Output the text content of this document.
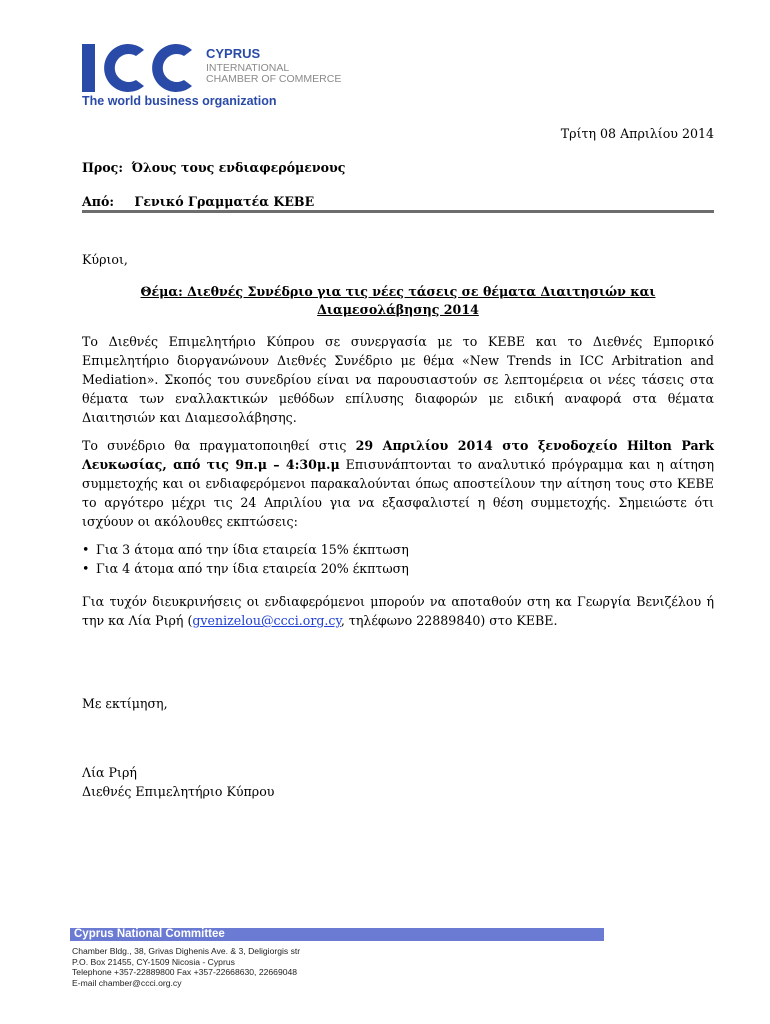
CYPRUS
INTERNATIONAL
CHAMBER OF COMMERCE
The world business organization
Τρίτη 08 Απριλίου 2014
Προς: Όλους τους ενδιαφερόμενους
Από: Γενικό Γραμματέα ΚΕΒΕ
Κύριοι,
Θέμα: Διεθνές Συνέδριο για τις νέες τάσεις σε θέματα Διαιτησιών και
Διαμεσολάβησης 2014
Το Διεθνές Επιμελητήριο Κύπρου σε συνεργασία με το ΚΕΒΕ και το Διεθνές Εμπορικό Επιμελητήριο διοργανώνουν Διεθνές Συνέδριο με θέμα «New Trends in ICC Arbitration and Mediation». Σκοπός του συνεδρίου είναι να παρουσιαστούν σε λεπτομέρεια οι νέες τάσεις στα θέματα των εναλλακτικών μεθόδων επίλυσης διαφορών με ειδική αναφορά στα θέματα Διαιτησιών και Διαμεσολάβησης.
Το συνέδριο θα πραγματοποιηθεί στις 29 Απριλίου 2014 στο ξενοδοχείο Hilton Park Λευκωσίας, από τις 9π.μ – 4:30μ.μ Επισυνάπτονται το αναλυτικό πρόγραμμα και η αίτηση συμμετοχής και οι ενδιαφερόμενοι παρακαλούνται όπως αποστείλουν την αίτηση τους στο ΚΕΒΕ το αργότερο μέχρι τις 24 Απριλίου για να εξασφαλιστεί η θέση συμμετοχής. Σημειώστε ότι ισχύουν οι ακόλουθες εκπτώσεις:
• Για 3 άτομα από την ίδια εταιρεία 15% έκπτωση
• Για 4 άτομα από την ίδια εταιρεία 20% έκπτωση
Για τυχόν διευκρινήσεις οι ενδιαφερόμενοι μπορούν να αποταθούν στη κα Γεωργία Βενιζέλου ή την κα Λία Ριρή (gvenizelou@ccci.org.cy, τηλέφωνο 22889840) στο ΚΕΒΕ.
Με εκτίμηση,
Λία Ριρή
Διεθνές Επιμελητήριο Κύπρου
Cyprus National Committee
Chamber Bldg., 38, Grivas Dighenis Ave. & 3, Deligiorgis str
P.O. Box 21455, CY-1509 Nicosia - Cyprus
Telephone +357-22889800 Fax +357-22668630, 22669048
E-mail chamber@ccci.org.cy
